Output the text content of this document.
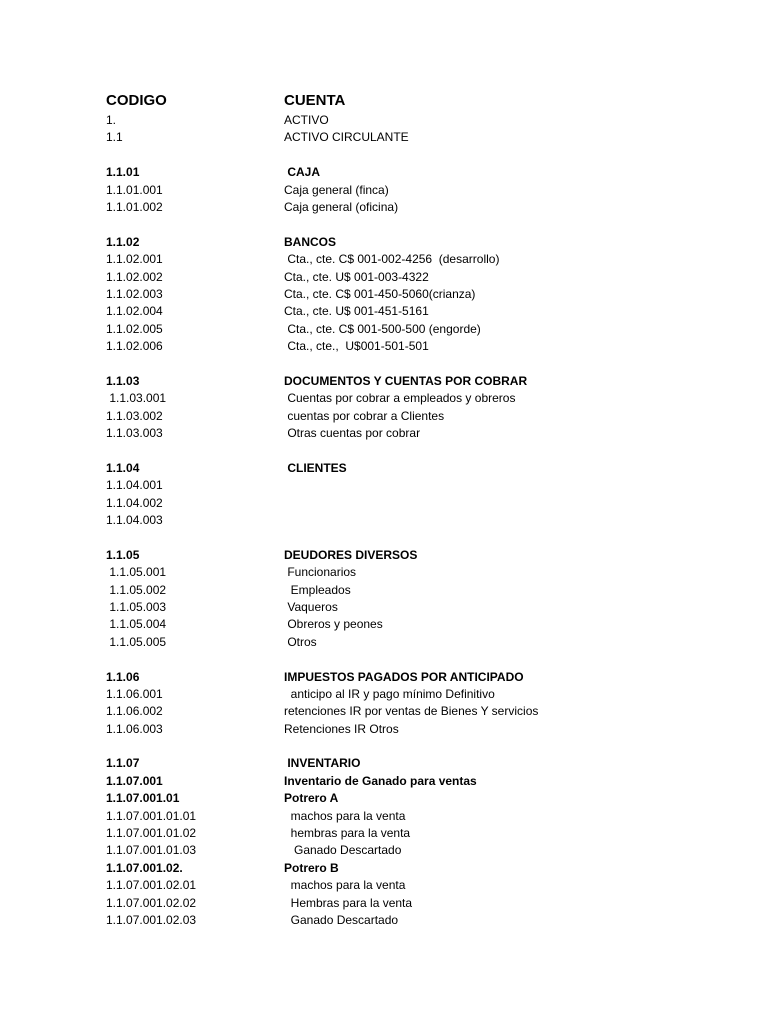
CODIGO	CUENTA
1.	ACTIVO
1.1	ACTIVO CIRCULANTE
1.1.01	CAJA
1.1.01.001	Caja general (finca)
1.1.01.002	Caja general (oficina)
1.1.02	BANCOS
1.1.02.001	Cta., cte. C$ 001-002-4256  (desarrollo)
1.1.02.002	Cta., cte. U$ 001-003-4322
1.1.02.003	Cta., cte. C$ 001-450-5060(crianza)
1.1.02.004	Cta., cte. U$ 001-451-5161
1.1.02.005	Cta., cte. C$ 001-500-500 (engorde)
1.1.02.006	Cta., cte.,  U$001-501-501
1.1.03	DOCUMENTOS Y CUENTAS POR COBRAR
1.1.03.001	Cuentas por cobrar a empleados y obreros
1.1.03.002	cuentas por cobrar a Clientes
1.1.03.003	Otras cuentas por cobrar
1.1.04	CLIENTES
1.1.04.001
1.1.04.002
1.1.04.003
1.1.05	DEUDORES DIVERSOS
1.1.05.001	Funcionarios
1.1.05.002	Empleados
1.1.05.003	Vaqueros
1.1.05.004	Obreros y peones
1.1.05.005	Otros
1.1.06	IMPUESTOS PAGADOS POR ANTICIPADO
1.1.06.001	anticipo al IR y pago mínimo Definitivo
1.1.06.002	retenciones IR por ventas de Bienes Y servicios
1.1.06.003	Retenciones IR Otros
1.1.07	INVENTARIO
1.1.07.001	Inventario de Ganado para ventas
1.1.07.001.01	Potrero A
1.1.07.001.01.01	machos para la venta
1.1.07.001.01.02	hembras para la venta
1.1.07.001.01.03	Ganado Descartado
1.1.07.001.02.	Potrero B
1.1.07.001.02.01	machos para la venta
1.1.07.001.02.02	Hembras para la venta
1.1.07.001.02.03	Ganado Descartado
